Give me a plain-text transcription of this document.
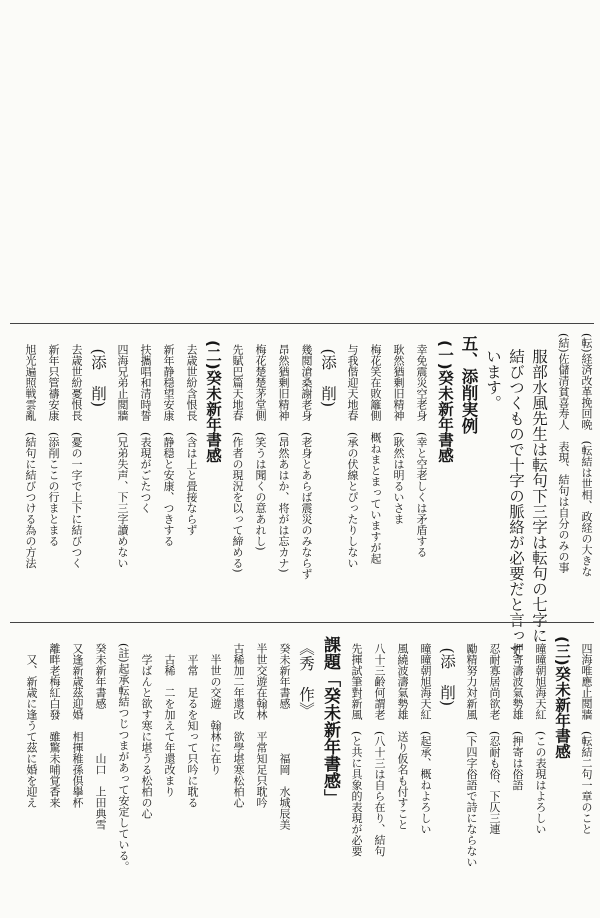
(転)経済改革挽回晩　(転結は世相、政経の大きな
(結)佐儲清貧喜寿人　表現、結句は自分のみの事
　服部水風先生は転句下三字は転句の七字に
　結びつくもので十字の脈絡が必要だと言って
　います。
五、添削実例
(一)癸未新年書感
　幸免震災空老身　(幸と空老しくは矛盾する
　耿然猶剰旧精神　(耿然は明るいさま
　梅花笑在敗籬側　概ねまとまっていますが起
　与我偕迎天地春　(承の伏線とぴったりしない
　(添　削)
　幾閲滄桑謝老身　(老身とあらば震災のみならず
　昂然猶剰旧精神　(昂然あはか、将がは忘カナ)
　梅花楚楚茅堂側　(笑うは聞くの意あれし)
　先賦巴篇天地春　(作者の現況を以って締める)
(二)癸未新年書感
　去歳世紛含恨長　(含は上と畳接ならず
　新年静穏望安康　(静穏と安康、つきする
　扶攜唱和清時誓　(表現がごたつく
　四海兄弟止閲牆　(兄弟失声、下三字讀めない
　(添　削)
　去歳世紛憂恨長　(憂の一字で上下に結びつく
　新年只管禱安康　(添削ここの行まとまる
　旭光遍照戦雲亂　(結句に結びつける為の方法
　四海唯應止閲牆　(転結二句一章のこと
(三)癸未新年書感
　曈曈朝旭海天紅　(この表現はよろしい
　押寄濤波氣勢雄　(押寄は俗語
　忍耐寡居尚欲老　(忍耐も俗、下仄三連
　勵精努力対新風　(下四字俗語で詩にならない
　(添　削)
　曈曈朝旭海天紅　(起承、概ねよろしい
　風繞波濤氣勢雄　送り仮名も付すこと
　八十三齢何謂老　(八十三は自ら在り、結句
　先揮試筆對新風　(と共に具象的表現が必要
課題「癸未新年書感」
《秀　作》
　癸未新年書感　　　　福岡　水城辰美
　半世交遊在翰林　平常知足只耽吟
　古稀加二年還改　欲學堪寒松柏心
　　半世の交遊　翰林に在り
　　平常　足るを知って只吟に耽る
　　古稀　二を加えて年還改まり
　　学ばんと欲す寒に堪うる松柏の心
　(註)起承転結つじつまがあって安定している。
　癸未新年書感　　　　山口　上田典雪
　又逢新歳茲迎婚　相揮稚孫倶擧杯
　離畔老梅紅白發　雖驚未晡覚香来
　　又、新歳に逢うて茲に婚を迎え
